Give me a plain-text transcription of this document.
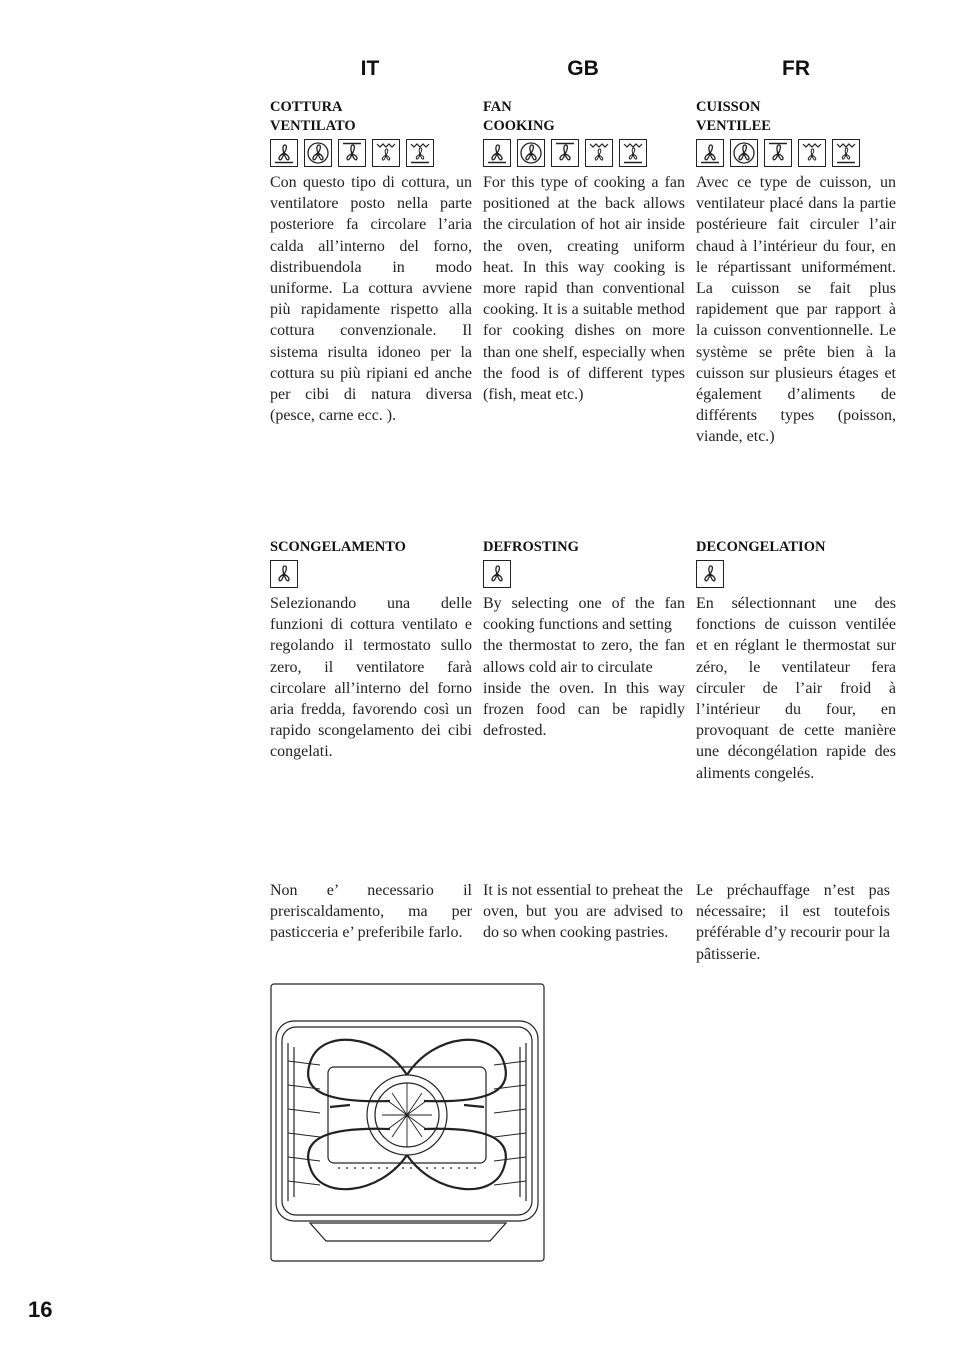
IT	GB	FR
COTTURA
VENTILATO

Con questo tipo di cottura, un ventilatore posto nella parte posteriore fa circolare l’aria calda all’interno del forno, distribuendola in modo uniforme. La cottura avviene più rapidamente rispetto alla cottura convenzionale. Il sistema risulta idoneo per la cottura su più ripiani ed anche per cibi di natura diversa (pesce, carne ecc. ).

FAN
COOKING

For this type of cooking a fan positioned at the back allows the circulation of hot air inside the oven, creating uniform heat. In this way cooking is more rapid than conventional cooking. It is a suitable method for cooking dishes on more than one shelf, especially when the food is of different types (fish, meat etc.)

CUISSON
VENTILEE

Avec ce type de cuisson, un ventilateur placé dans la partie postérieure fait circuler l’air chaud à l’intérieur du four, en le répartissant uniformément. La cuisson se fait plus rapidement que par rapport à la cuisson conventionnelle. Le système se prête bien à la cuisson sur plusieurs étages et également d’aliments de différents types (poisson, viande, etc.)

SCONGELAMENTO

Selezionando una delle funzioni di cottura ventilato e regolando il termostato sullo zero, il ventilatore farà circolare all’interno del forno aria fredda, favorendo così un rapido scongelamento dei cibi congelati.

DEFROSTING

By selecting one of the fan cooking functions and setting
the thermostat to zero, the fan allows cold air to circulate
inside the oven. In this way frozen food can be rapidly defrosted.

DECONGELATION

En sélectionnant une des fonctions de cuisson ventilée et en réglant le thermostat sur zéro, le ventilateur fera circuler de l’air froid à l’intérieur du four, en provoquant de cette manière une décongélation rapide des aliments congelés.

Non e’ necessario il preriscaldamento, ma per pasticceria e’ preferibile farlo.

It is not essential to preheat the oven, but you are advised to do so when cooking pastries.

Le préchauffage n’est pas nécessaire; il est toutefois préférable d’y recourir pour la pâtisserie.

16
